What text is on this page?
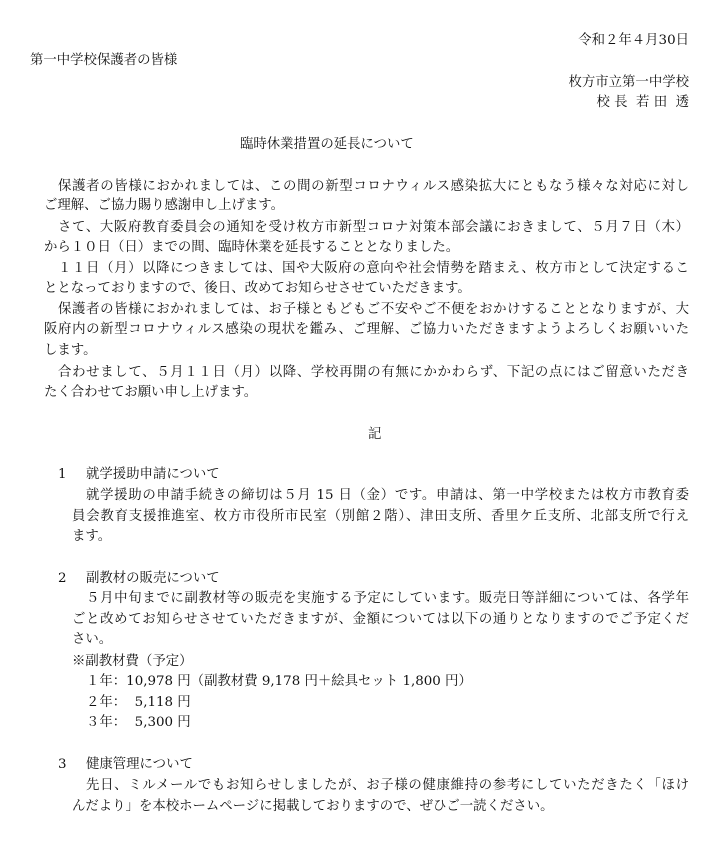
令和２年４月30日
第一中学校保護者の皆様
枚方市立第一中学校
校 長  若 田  透
臨時休業措置の延長について
保護者の皆様におかれましては、この間の新型コロナウィルス感染拡大にともなう様々な対応に対し
ご理解、ご協力賜り感謝申し上げます。
さて、大阪府教育委員会の通知を受け枚方市新型コロナ対策本部会議におきまして、５月７日（木）
から１０日（日）までの間、臨時休業を延長することとなりました。
１１日（月）以降につきましては、国や大阪府の意向や社会情勢を踏まえ、枚方市として決定するこ
ととなっておりますので、後日、改めてお知らせさせていただきます。
保護者の皆様におかれましては、お子様ともどもご不安やご不便をおかけすることとなりますが、大
阪府内の新型コロナウィルス感染の現状を鑑み、ご理解、ご協力いただきますようよろしくお願いいた
します。
合わせまして、５月１１日（月）以降、学校再開の有無にかかわらず、下記の点にはご留意いただき
たく合わせてお願い申し上げます。
記
1 就学援助申請について
就学援助の申請手続きの締切は５月 15 日（金）です。申請は、第一中学校または枚方市教育委
員会教育支援推進室、枚方市役所市民室（別館２階）、津田支所、香里ケ丘支所、北部支所で行え
ます。
2 副教材の販売について
５月中旬までに副教材等の販売を実施する予定にしています。販売日等詳細については、各学年
ごと改めてお知らせさせていただきますが、金額については以下の通りとなりますのでご予定くだ
さい。
※副教材費（予定）
１年：10,978 円（副教材費 9,178 円＋絵具セット 1,800 円）
２年：  5,118 円
３年：  5,300 円
3 健康管理について
先日、ミルメールでもお知らせしましたが、お子様の健康維持の参考にしていただきたく「ほけ
んだより」を本校ホームページに掲載しておりますので、ぜひご一読ください。
